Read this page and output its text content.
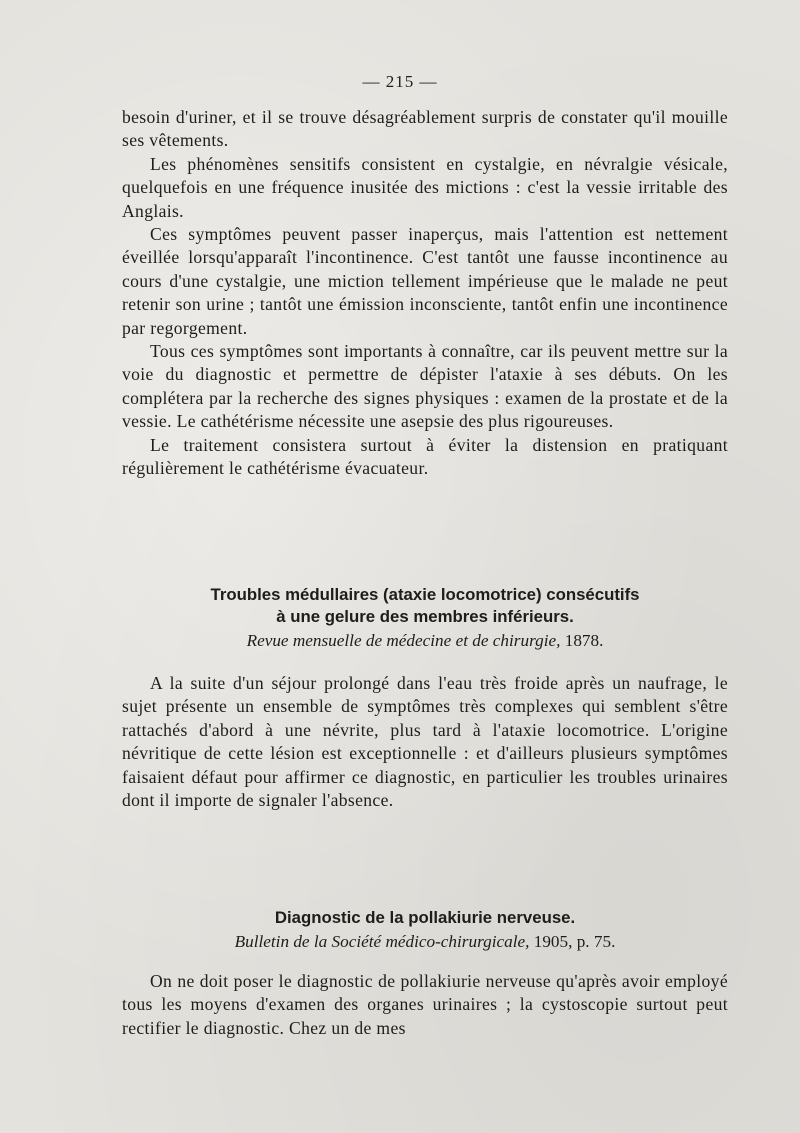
— 215 —

besoin d'uriner, et il se trouve désagréablement surpris de constater qu'il mouille ses vêtements.

Les phénomènes sensitifs consistent en cystalgie, en névralgie vésicale, quelquefois en une fréquence inusitée des mictions : c'est la vessie irritable des Anglais.

Ces symptômes peuvent passer inaperçus, mais l'attention est nettement éveillée lorsqu'apparaît l'incontinence. C'est tantôt une fausse incontinence au cours d'une cystalgie, une miction tellement impérieuse que le malade ne peut retenir son urine ; tantôt une émission inconsciente, tantôt enfin une incontinence par regorgement.

Tous ces symptômes sont importants à connaître, car ils peuvent mettre sur la voie du diagnostic et permettre de dépister l'ataxie à ses débuts. On les complétera par la recherche des signes physiques : examen de la prostate et de la vessie. Le cathétérisme nécessite une asepsie des plus rigoureuses.

Le traitement consistera surtout à éviter la distension en pratiquant régulièrement le cathétérisme évacuateur.

Troubles médullaires (ataxie locomotrice) consécutifs
à une gelure des membres inférieurs.
Revue mensuelle de médecine et de chirurgie, 1878.

A la suite d'un séjour prolongé dans l'eau très froide après un naufrage, le sujet présente un ensemble de symptômes très complexes qui semblent s'être rattachés d'abord à une névrite, plus tard à l'ataxie locomotrice. L'origine névritique de cette lésion est exceptionnelle : et d'ailleurs plusieurs symptômes faisaient défaut pour affirmer ce diagnostic, en particulier les troubles urinaires dont il importe de signaler l'absence.

Diagnostic de la pollakiurie nerveuse.
Bulletin de la Société médico-chirurgicale, 1905, p. 75.

On ne doit poser le diagnostic de pollakiurie nerveuse qu'après avoir employé tous les moyens d'examen des organes urinaires ; la cystoscopie surtout peut rectifier le diagnostic. Chez un de mes
